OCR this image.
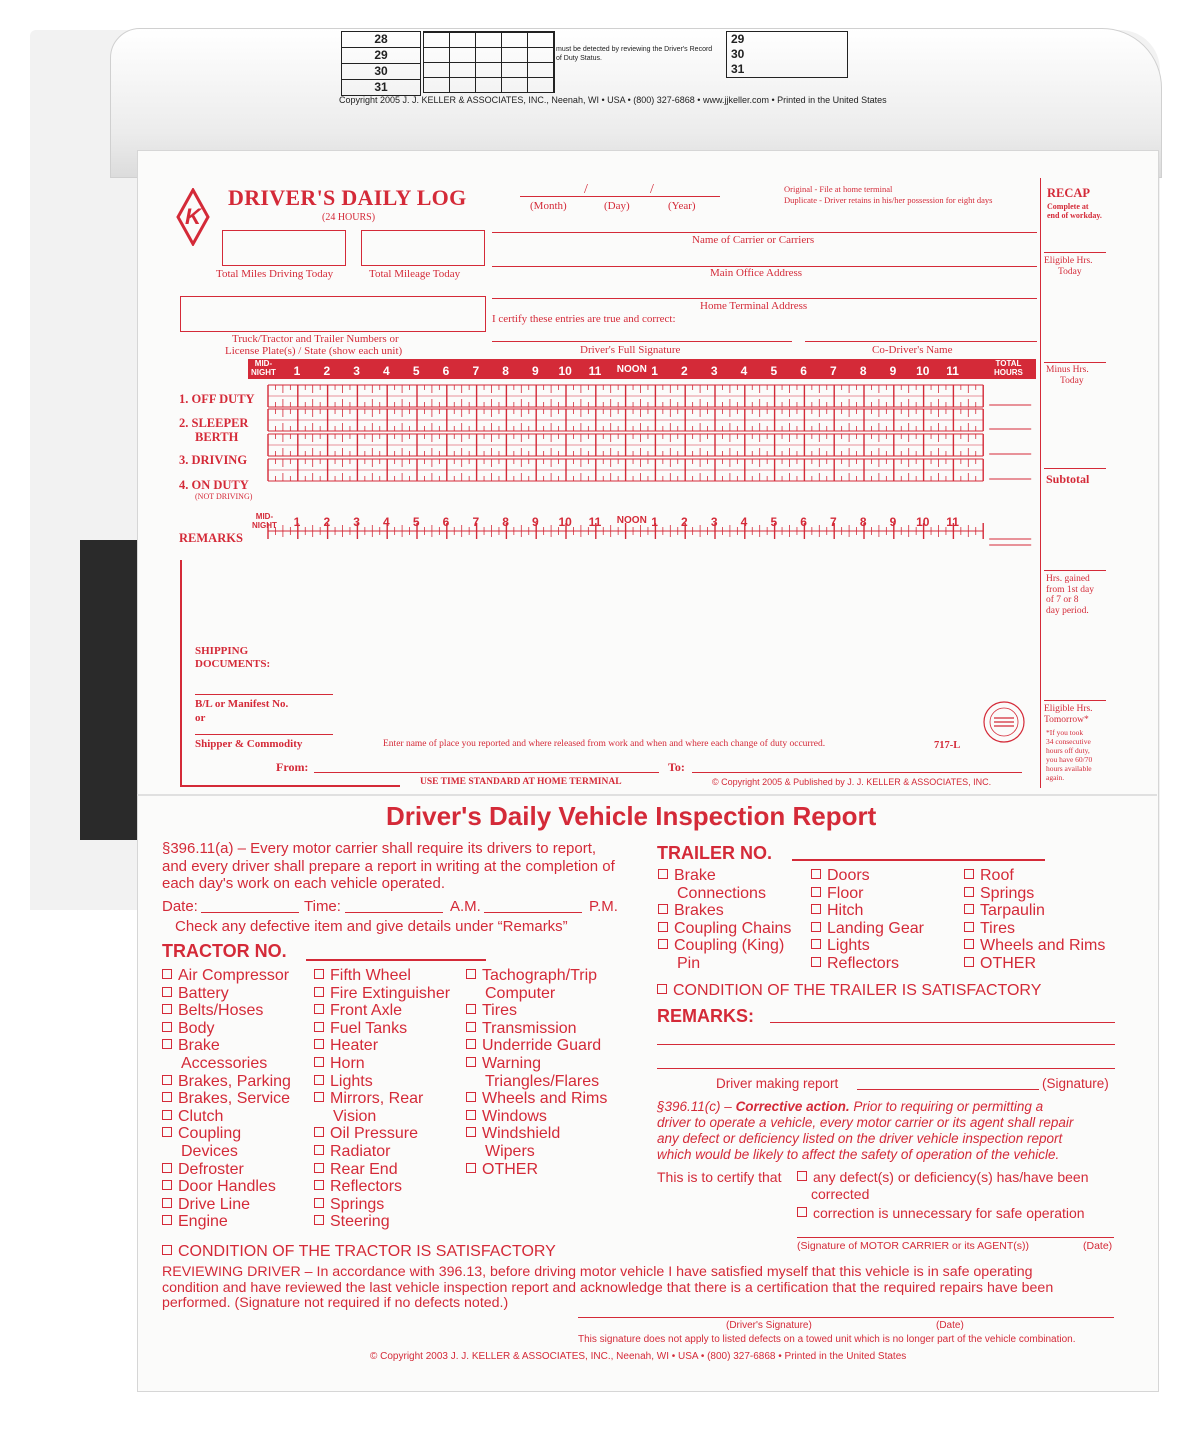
28
29
30
31
must be detected by reviewing the Driver's Record of Duty Status.
29
30
31
Copyright 2005 J. J. KELLER & ASSOCIATES, INC., Neenah, WI • USA • (800) 327-6868 • www.jjkeller.com • Printed in the United States
K
DRIVER'S DAILY LOG
(24 HOURS)
/	/
(Month)	(Day)	(Year)
Original - File at home terminal
Duplicate - Driver retains in his/her possession for eight days
Total Miles Driving Today	Total Mileage Today
Name of Carrier or Carriers
Main Office Address
Home Terminal Address
I certify these entries are true and correct:
Truck/Tractor and Trailer Numbers or
License Plate(s) / State (show each unit)	Driver's Full Signature	Co-Driver's Name
MID-
NIGHT
TOTAL
HOURS
1	2	3	4	5	6	7	8	9	10	11	NOON 1	2	3	4	5	6	7	8	9	10	11
1. OFF DUTY
2. SLEEPER
BERTH
3. DRIVING
4. ON DUTY
(NOT DRIVING)
MID-
NIGHT	1	2	3	4	5	6	7	8	9	10	11	NOON 1	2	3	4	5	6	7	8	9	10	11
REMARKS
SHIPPING
DOCUMENTS:
B/L or Manifest No.
or
Shipper & Commodity	Enter name of place you reported and where released from work and when and where each change of duty occurred.	717-L
From:	To:
USE TIME STANDARD AT HOME TERMINAL	© Copyright 2005 & Published by J. J. KELLER & ASSOCIATES, INC.
RECAP
Complete at
end of workday.
Eligible Hrs.
Today
Minus Hrs.
Today
Subtotal
Hrs. gained
from 1st day
of 7 or 8
day period.
Eligible Hrs.
Tomorrow*
*If you took
34 consecutive
hours off duty,
you have 60/70
hours available
again.
Driver's Daily Vehicle Inspection Report
§396.11(a) – Every motor carrier shall require its drivers to report,
and every driver shall prepare a report in writing at the completion of
each day's work on each vehicle operated.
Date:	Time:	A.M.	P.M.
Check any defective item and give details under “Remarks”
TRACTOR NO.
Air Compressor
Battery
Belts/Hoses
Body
Brake
Accessories
Brakes, Parking
Brakes, Service
Clutch
Coupling
Devices
Defroster
Door Handles
Drive Line
Engine
Fifth Wheel
Fire Extinguisher
Front Axle
Fuel Tanks
Heater
Horn
Lights
Mirrors, Rear
Vision
Oil Pressure
Radiator
Rear End
Reflectors
Springs
Steering
Tachograph/Trip
Computer
Tires
Transmission
Underride Guard
Warning
Triangles/Flares
Wheels and Rims
Windows
Windshield
Wipers
OTHER
CONDITION OF THE TRACTOR IS SATISFACTORY
REVIEWING DRIVER – In accordance with 396.13, before driving motor vehicle I have satisfied myself that this vehicle is in safe operating
condition and have reviewed the last vehicle inspection report and acknowledge that there is a certification that the required repairs have been
performed. (Signature not required if no defects noted.)
(Driver's Signature)	(Date)
This signature does not apply to listed defects on a towed unit which is no longer part of the vehicle combination.
© Copyright 2003 J. J. KELLER & ASSOCIATES, INC., Neenah, WI • USA • (800) 327-6868 • Printed in the United States
TRAILER NO.
Brake
Connections
Brakes
Coupling Chains
Coupling (King)
Pin
Doors
Floor
Hitch
Landing Gear
Lights
Reflectors
Roof
Springs
Tarpaulin
Tires
Wheels and Rims
OTHER
CONDITION OF THE TRAILER IS SATISFACTORY
REMARKS:
Driver making report	(Signature)
§396.11(c) – Corrective action. Prior to requiring or permitting a
driver to operate a vehicle, every motor carrier or its agent shall repair
any defect or deficiency listed on the driver vehicle inspection report
which would be likely to affect the safety of operation of the vehicle.
This is to certify that	any defect(s) or deficiency(s) has/have been
corrected
correction is unnecessary for safe operation
(Signature of MOTOR CARRIER or its AGENT(s))	(Date)
